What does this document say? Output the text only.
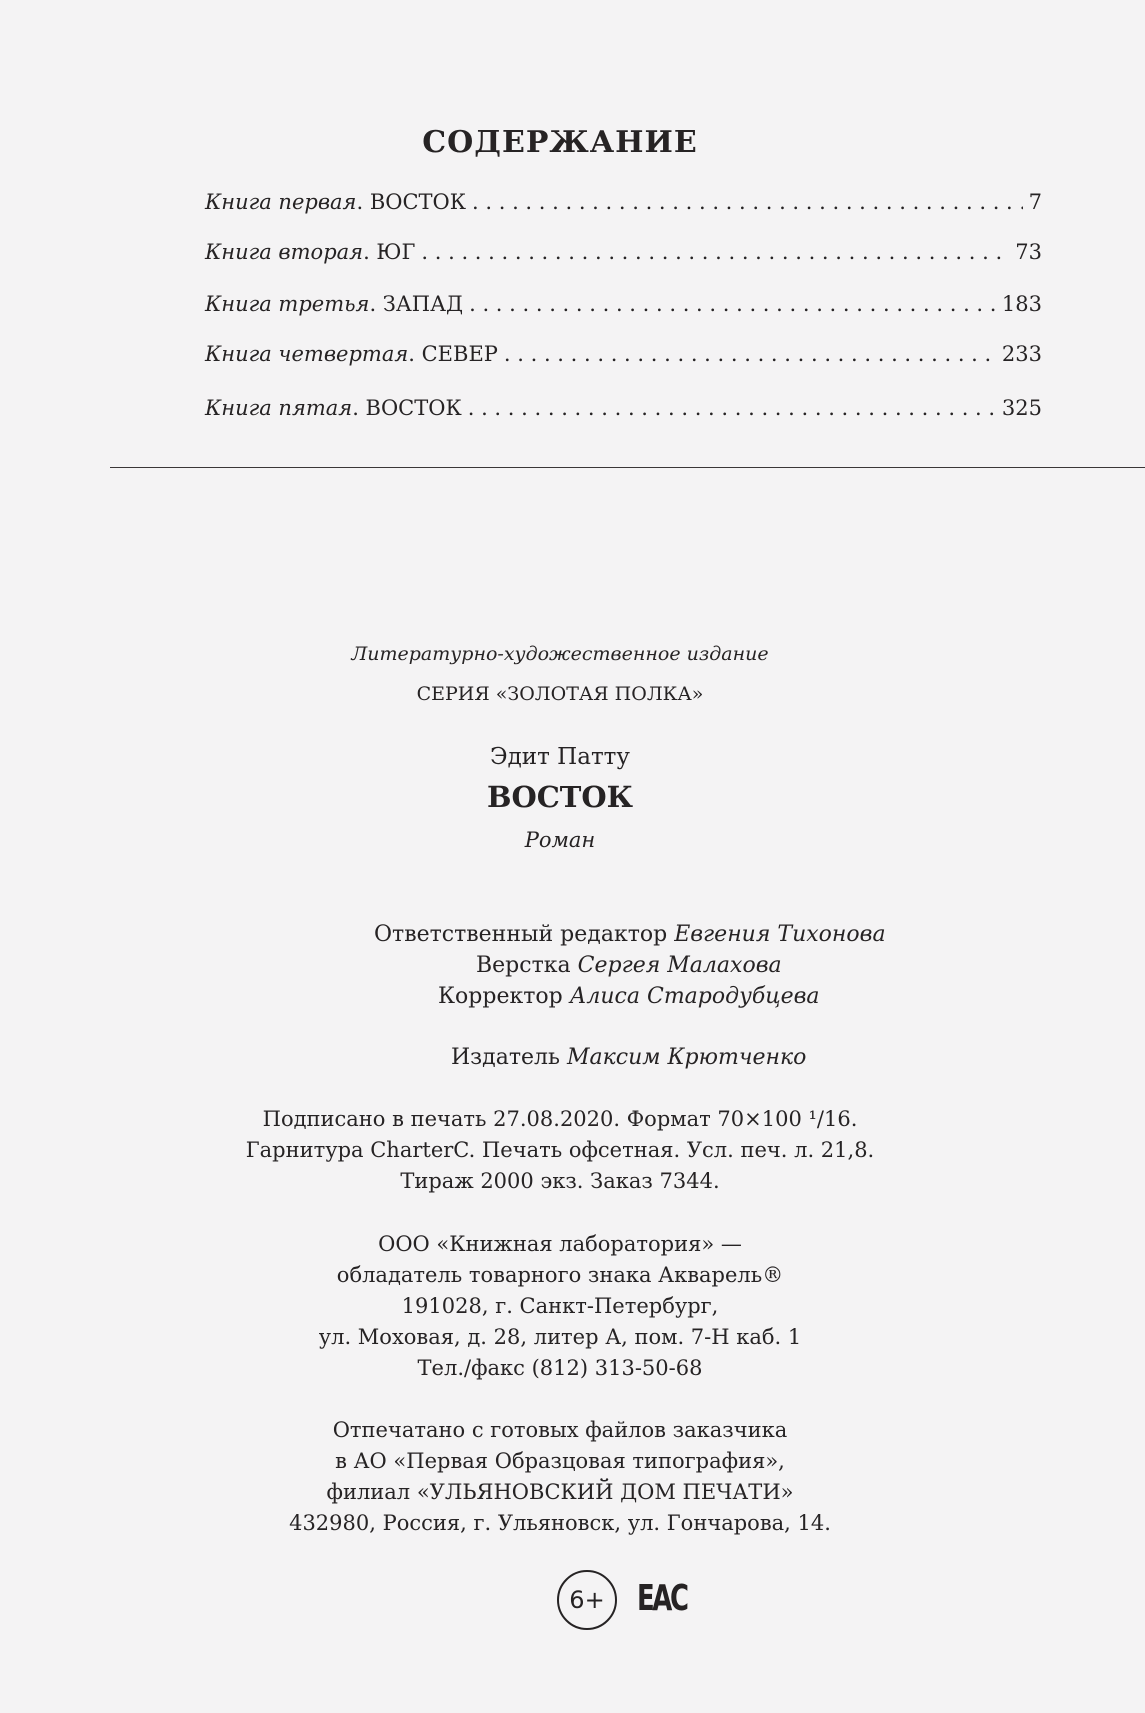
СОДЕРЖАНИЕ
Книга первая. ВОСТОК . . .	7
Книга вторая. ЮГ . . .	73
Книга третья. ЗАПАД . . .	183
Книга четвертая. СЕВЕР . . .	233
Книга пятая. ВОСТОК . . .	325
Литературно-художественное издание
СЕРИЯ «ЗОЛОТАЯ ПОЛКА»
Эдит Патту
ВОСТОК
Роман
Ответственный редактор Евгения Тихонова
Верстка Сергея Малахова
Корректор Алиса Стародубцева
Издатель Максим Крютченко
Подписано в печать 27.08.2020. Формат 70×100 ¹/16.
Гарнитура CharterC. Печать офсетная. Усл. печ. л. 21,8.
Тираж 2000 экз. Заказ 7344.
ООО «Книжная лаборатория» —
обладатель товарного знака Акварель®
191028, г. Санкт-Петербург,
ул. Моховая, д. 28, литер А, пом. 7-Н каб. 1
Тел./факс (812) 313-50-68
Отпечатано с готовых файлов заказчика
в АО «Первая Образцовая типография»,
филиал «УЛЬЯНОВСКИЙ ДОМ ПЕЧАТИ»
432980, Россия, г. Ульяновск, ул. Гончарова, 14.
6+ ЕАС
